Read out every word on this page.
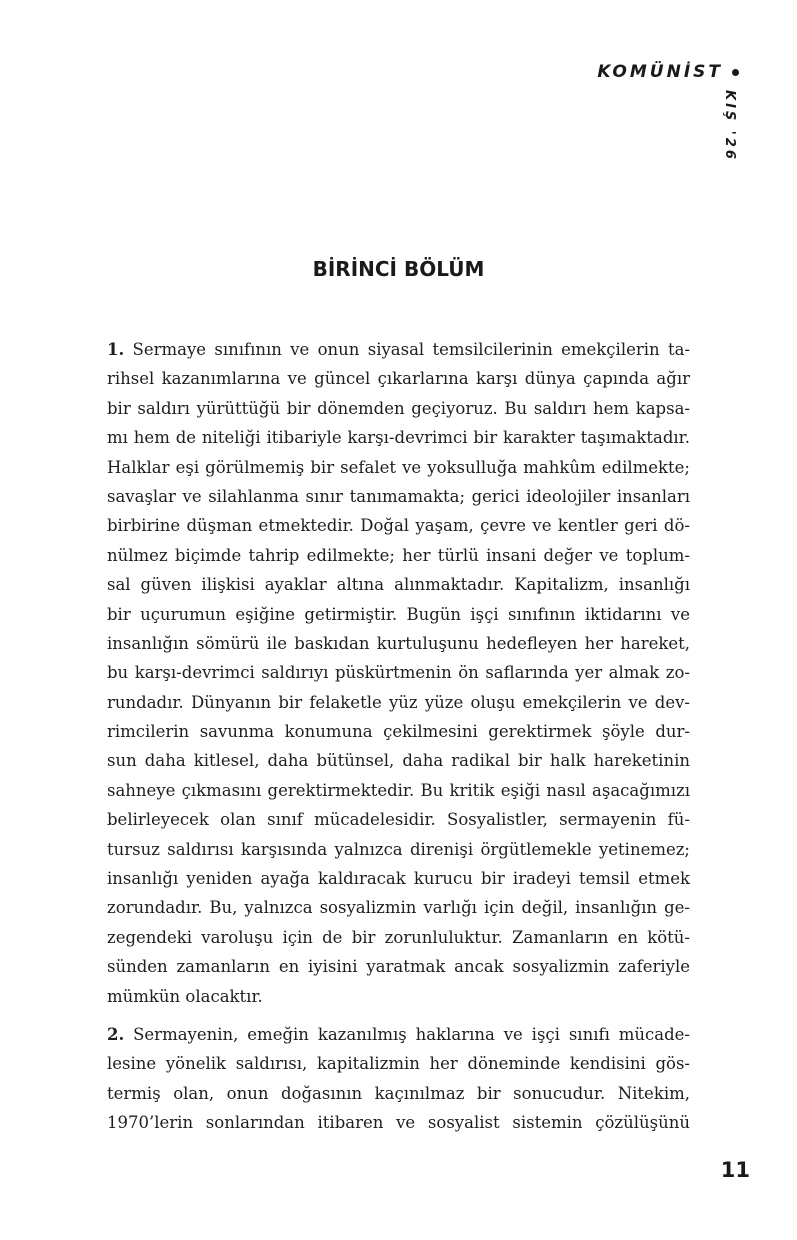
KOMÜNİST
KIŞ '26
BİRİNCİ BÖLÜM

1. Sermaye sınıfının ve onun siyasal temsilcilerinin emekçilerin ta-
rihsel kazanımlarına ve güncel çıkarlarına karşı dünya çapında ağır
bir saldırı yürüttüğü bir dönemden geçiyoruz. Bu saldırı hem kapsa-
mı hem de niteliği itibariyle karşı-devrimci bir karakter taşımaktadır.
Halklar eşi görülmemiş bir sefalet ve yoksulluğa mahkûm edilmekte;
savaşlar ve silahlanma sınır tanımamakta; gerici ideolojiler insanları
birbirine düşman etmektedir. Doğal yaşam, çevre ve kentler geri dö-
nülmez biçimde tahrip edilmekte; her türlü insani değer ve toplum-
sal güven ilişkisi ayaklar altına alınmaktadır. Kapitalizm, insanlığı
bir uçurumun eşiğine getirmiştir. Bugün işçi sınıfının iktidarını ve
insanlığın sömürü ile baskıdan kurtuluşunu hedefleyen her hareket,
bu karşı-devrimci saldırıyı püskürtmenin ön saflarında yer almak zo-
rundadır. Dünyanın bir felaketle yüz yüze oluşu emekçilerin ve dev-
rimcilerin savunma konumuna çekilmesini gerektirmek şöyle dur-
sun daha kitlesel, daha bütünsel, daha radikal bir halk hareketinin
sahneye çıkmasını gerektirmektedir. Bu kritik eşiği nasıl aşacağımızı
belirleyecek olan sınıf mücadelesidir. Sosyalistler, sermayenin fü-
tursuz saldırısı karşısında yalnızca direnişi örgütlemekle yetinemez;
insanlığı yeniden ayağa kaldıracak kurucu bir iradeyi temsil etmek
zorundadır. Bu, yalnızca sosyalizmin varlığı için değil, insanlığın ge-
zegendeki varoluşu için de bir zorunluluktur. Zamanların en kötü-
sünden zamanların en iyisini yaratmak ancak sosyalizmin zaferiyle
mümkün olacaktır.

2. Sermayenin, emeğin kazanılmış haklarına ve işçi sınıfı mücade-
lesine yönelik saldırısı, kapitalizmin her döneminde kendisini gös-
termiş olan, onun doğasının kaçınılmaz bir sonucudur. Nitekim,
1970’lerin sonlarından itibaren ve sosyalist sistemin çözülüşünü

11
